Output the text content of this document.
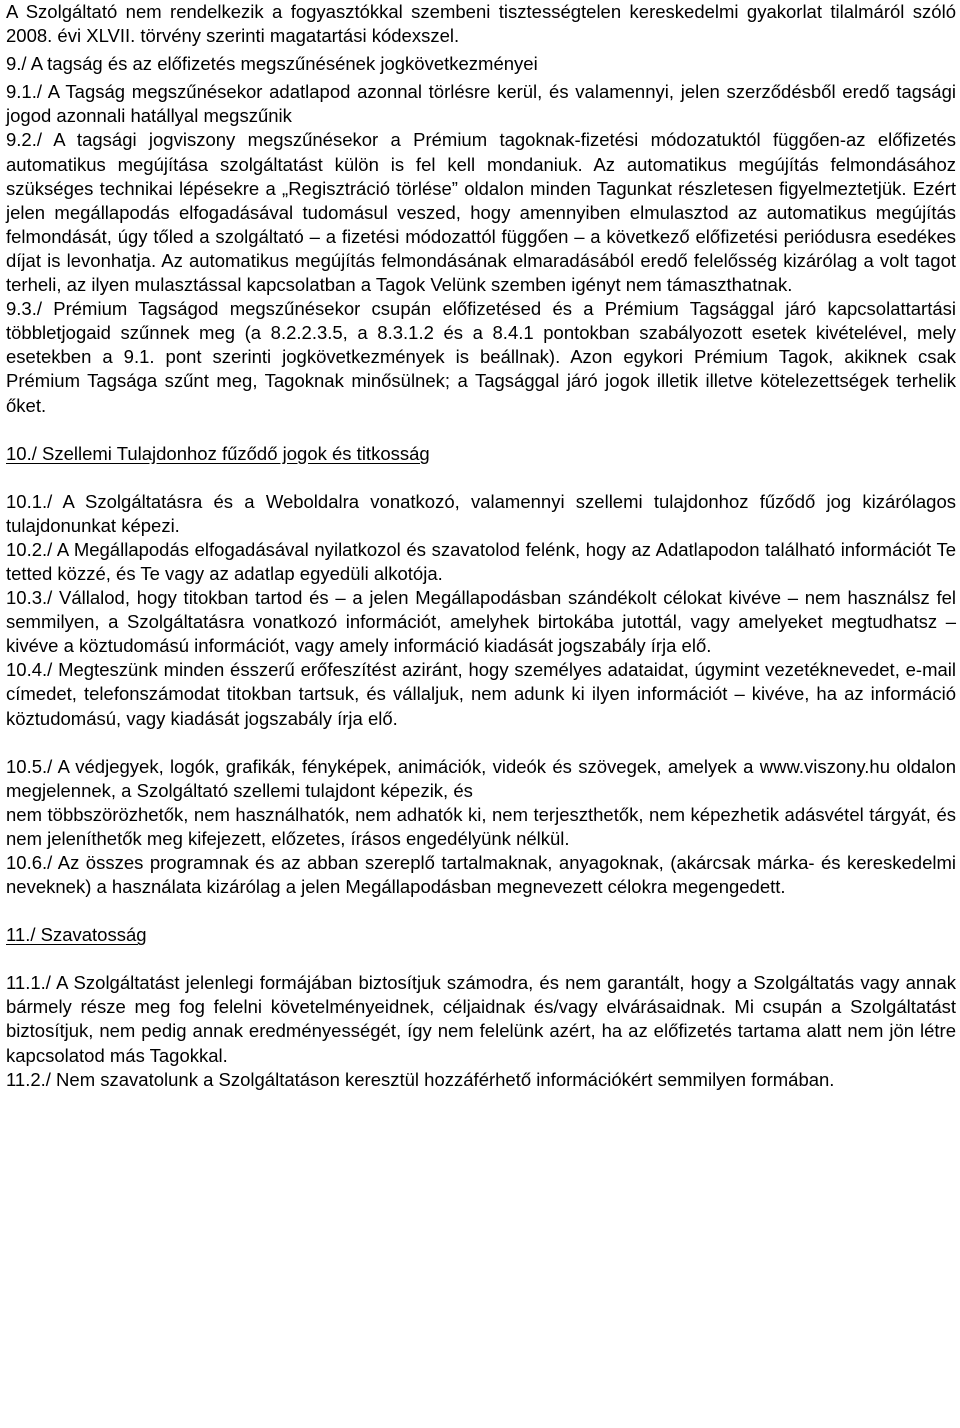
A Szolgáltató nem rendelkezik a fogyasztókkal szembeni tisztességtelen kereskedelmi gyakorlat tilalmáról szóló 2008. évi XLVII. törvény szerinti magatartási kódexszel.

9./ A tagság és az előfizetés megszűnésének jogkövetkezményei

9.1./ A Tagság megszűnésekor adatlapod azonnal törlésre kerül, és valamennyi, jelen szerződésből eredő tagsági jogod azonnali hatállyal megszűnik

9.2./ A tagsági jogviszony megszűnésekor a Prémium tagoknak-fizetési módozatuktól függően-az előfizetés automatikus megújítása szolgáltatást külön is fel kell mondaniuk. Az automatikus megújítás felmondásához szükséges technikai lépésekre a „Regisztráció törlése” oldalon minden Tagunkat részletesen figyelmeztetjük. Ezért jelen megállapodás elfogadásával tudomásul veszed, hogy amennyiben elmulasztod az automatikus megújítás felmondását, úgy tőled a szolgáltató – a fizetési módozattól függően – a következő előfizetési periódusra esedékes díjat is levonhatja. Az automatikus megújítás felmondásának elmaradásából eredő felelősség kizárólag a volt tagot terheli, az ilyen mulasztással kapcsolatban a Tagok Velünk szemben igényt nem támaszthatnak.

9.3./ Prémium Tagságod megszűnésekor csupán előfizetésed és a Prémium Tagsággal járó kapcsolattartási többletjogaid szűnnek meg (a 8.2.2.3.5, a 8.3.1.2 és a 8.4.1 pontokban szabályozott esetek kivételével, mely esetekben a 9.1. pont szerinti jogkövetkezmények is beállnak). Azon egykori Prémium Tagok, akiknek csak Prémium Tagsága szűnt meg, Tagoknak minősülnek; a Tagsággal járó jogok illetik illetve kötelezettségek terhelik őket.

10./ Szellemi Tulajdonhoz fűződő jogok és titkosság

10.1./ A Szolgáltatásra és a Weboldalra vonatkozó, valamennyi szellemi tulajdonhoz fűződő jog kizárólagos tulajdonunkat képezi.

10.2./ A Megállapodás elfogadásával nyilatkozol és szavatolod felénk, hogy az Adatlapodon található információt Te tetted közzé, és Te vagy az adatlap egyedüli alkotója.

10.3./ Vállalod, hogy titokban tartod és – a jelen Megállapodásban szándékolt célokat kivéve – nem használsz fel semmilyen, a Szolgáltatásra vonatkozó információt, amelyhek birtokába jutottál, vagy amelyeket megtudhatsz – kivéve a köztudomású információt, vagy amely információ kiadását jogszabály írja elő.

10.4./ Megteszünk minden ésszerű erőfeszítést aziránt, hogy személyes adataidat, úgymint vezetéknevedet, e-mail címedet, telefonszámodat titokban tartsuk, és vállaljuk, nem adunk ki ilyen információt – kivéve, ha az információ köztudomású, vagy kiadását jogszabály írja elő.

10.5./ A védjegyek, logók, grafikák, fényképek, animációk, videók és szövegek, amelyek a www.viszony.hu oldalon megjelennek, a Szolgáltató szellemi tulajdont képezik, és

nem többszörözhetők, nem használhatók, nem adhatók ki, nem terjeszthetők, nem képezhetik adásvétel tárgyát, és nem jeleníthetők meg kifejezett, előzetes, írásos engedélyünk nélkül.

10.6./ Az összes programnak és az abban szereplő tartalmaknak, anyagoknak, (akárcsak márka- és kereskedelmi neveknek) a használata kizárólag a jelen Megállapodásban megnevezett célokra megengedett.

11./ Szavatosság

11.1./ A Szolgáltatást jelenlegi formájában biztosítjuk számodra, és nem garantált, hogy a Szolgáltatás vagy annak bármely része meg fog felelni követelményeidnek, céljaidnak és/vagy elvárásaidnak. Mi csupán a Szolgáltatást biztosítjuk, nem pedig annak eredményességét, így nem felelünk azért, ha az előfizetés tartama alatt nem jön létre kapcsolatod más Tagokkal.

11.2./ Nem szavatolunk a Szolgáltatáson keresztül hozzáférhető információkért semmilyen formában.
